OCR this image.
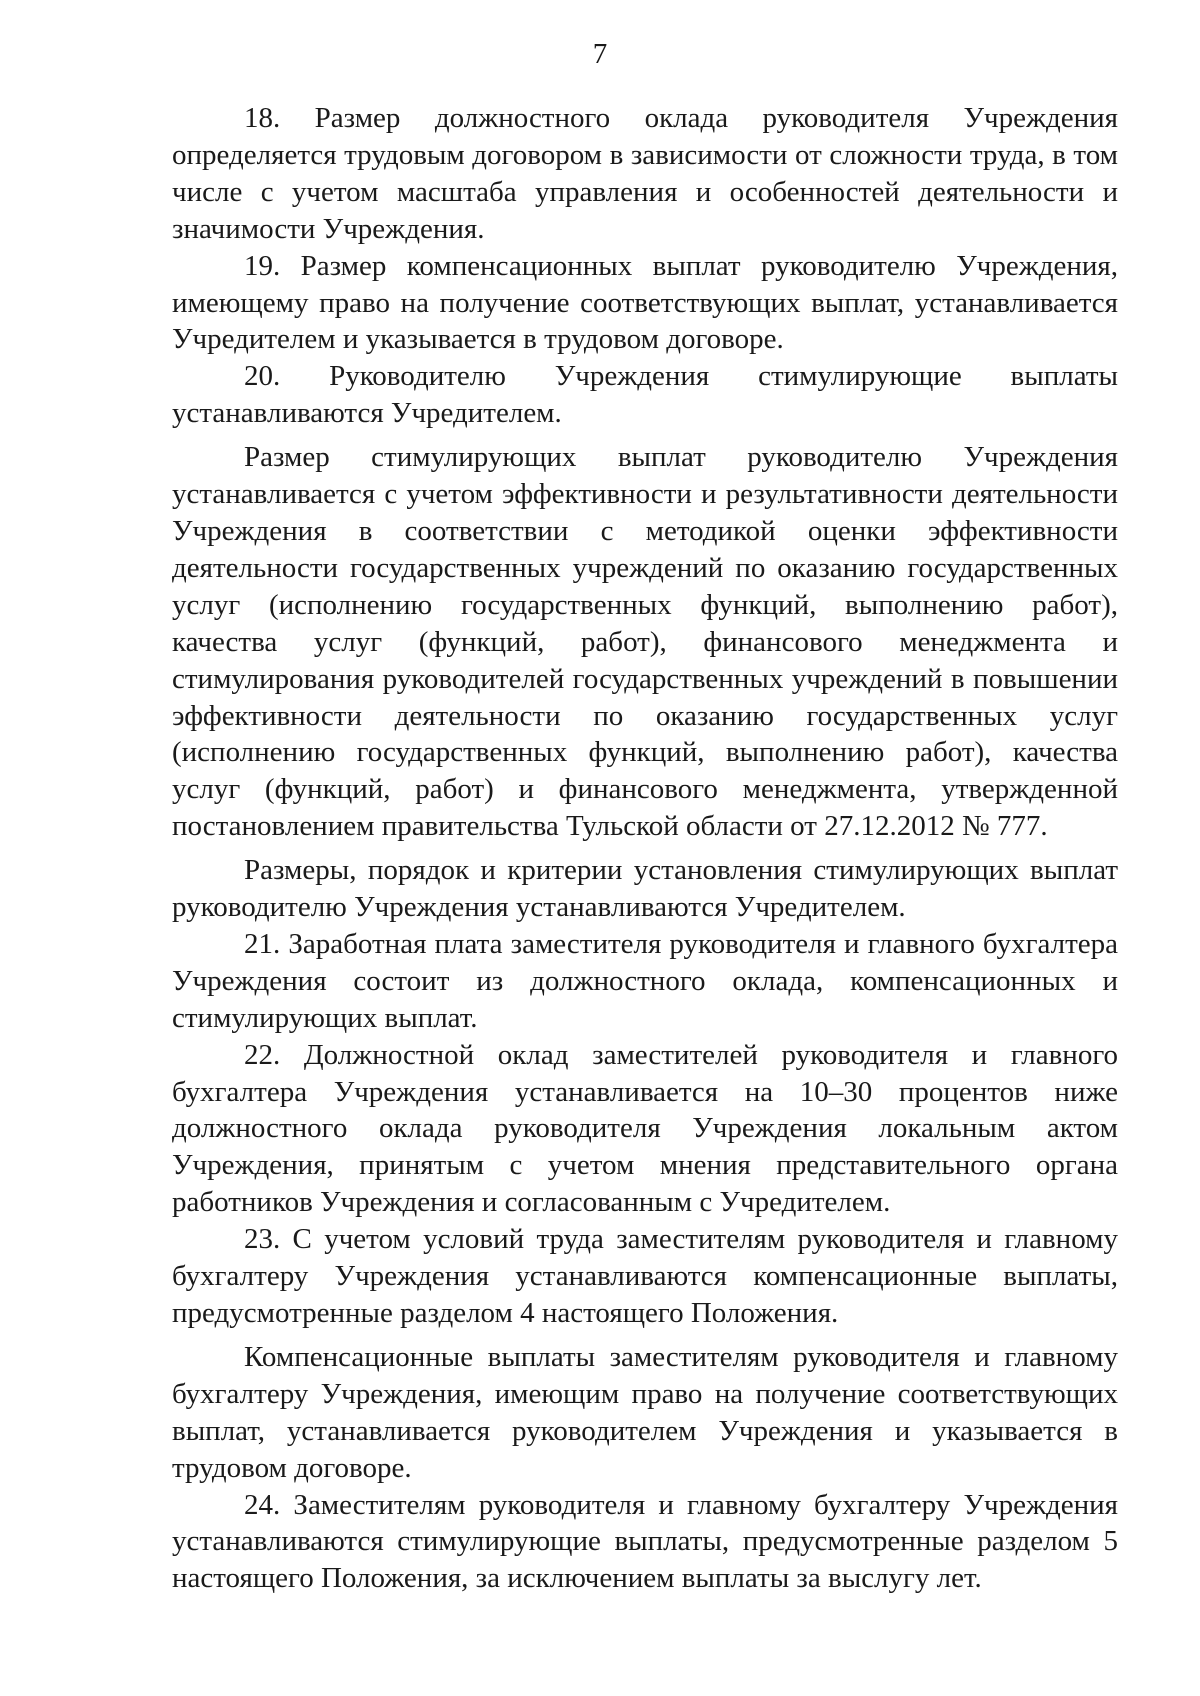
7

18. Размер должностного оклада руководителя Учреждения определяется трудовым договором в зависимости от сложности труда, в том числе с учетом масштаба управления и особенностей деятельности и значимости Учреждения.

19. Размер компенсационных выплат руководителю Учреждения, имеющему право на получение соответствующих выплат, устанавливается Учредителем и указывается в трудовом договоре.

20. Руководителю Учреждения стимулирующие выплаты устанавливаются Учредителем.

Размер стимулирующих выплат руководителю Учреждения устанавливается с учетом эффективности и результативности деятельности Учреждения в соответствии с методикой оценки эффективности деятельности государственных учреждений по оказанию государственных услуг (исполнению государственных функций, выполнению работ), качества услуг (функций, работ), финансового менеджмента и стимулирования руководителей государственных учреждений в повышении эффективности деятельности по оказанию государственных услуг (исполнению государственных функций, выполнению работ), качества услуг (функций, работ) и финансового менеджмента, утвержденной постановлением правительства Тульской области от 27.12.2012 № 777.

Размеры, порядок и критерии установления стимулирующих выплат руководителю Учреждения устанавливаются Учредителем.

21. Заработная плата заместителя руководителя и главного бухгалтера Учреждения состоит из должностного оклада, компенсационных и стимулирующих выплат.

22. Должностной оклад заместителей руководителя и главного бухгалтера Учреждения устанавливается на 10–30 процентов ниже должностного оклада руководителя Учреждения локальным актом Учреждения, принятым с учетом мнения представительного органа работников Учреждения и согласованным с Учредителем.

23. С учетом условий труда заместителям руководителя и главному бухгалтеру Учреждения устанавливаются компенсационные выплаты, предусмотренные разделом 4 настоящего Положения.

Компенсационные выплаты заместителям руководителя и главному бухгалтеру Учреждения, имеющим право на получение соответствующих выплат, устанавливается руководителем Учреждения и указывается в трудовом договоре.

24. Заместителям руководителя и главному бухгалтеру Учреждения устанавливаются стимулирующие выплаты, предусмотренные разделом 5 настоящего Положения, за исключением выплаты за выслугу лет.
